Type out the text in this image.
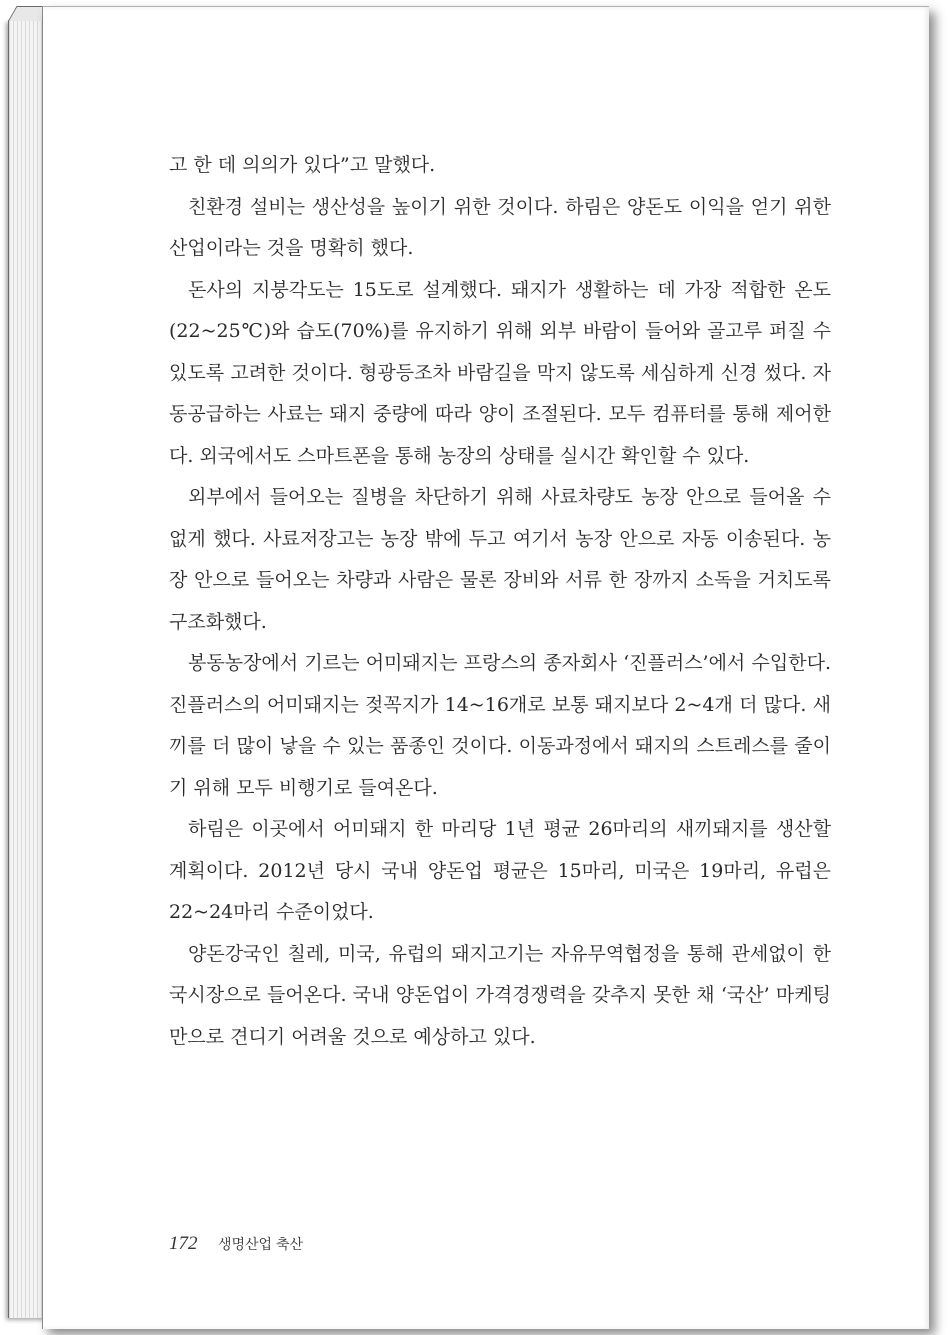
고 한 데 의의가 있다”고 말했다.

친환경 설비는 생산성을 높이기 위한 것이다. 하림은 양돈도 이익을 얻기 위한 산업이라는 것을 명확히 했다.

돈사의 지붕각도는 15도로 설계했다. 돼지가 생활하는 데 가장 적합한 온도(22~25℃)와 습도(70%)를 유지하기 위해 외부 바람이 들어와 골고루 퍼질 수 있도록 고려한 것이다. 형광등조차 바람길을 막지 않도록 세심하게 신경 썼다. 자동공급하는 사료는 돼지 중량에 따라 양이 조절된다. 모두 컴퓨터를 통해 제어한다. 외국에서도 스마트폰을 통해 농장의 상태를 실시간 확인할 수 있다.

외부에서 들어오는 질병을 차단하기 위해 사료차량도 농장 안으로 들어올 수 없게 했다. 사료저장고는 농장 밖에 두고 여기서 농장 안으로 자동 이송된다. 농장 안으로 들어오는 차량과 사람은 물론 장비와 서류 한 장까지 소독을 거치도록 구조화했다.

봉동농장에서 기르는 어미돼지는 프랑스의 종자회사 ‘진플러스’에서 수입한다. 진플러스의 어미돼지는 젖꼭지가 14~16개로 보통 돼지보다 2~4개 더 많다. 새끼를 더 많이 낳을 수 있는 품종인 것이다. 이동과정에서 돼지의 스트레스를 줄이기 위해 모두 비행기로 들여온다.

하림은 이곳에서 어미돼지 한 마리당 1년 평균 26마리의 새끼돼지를 생산할 계획이다. 2012년 당시 국내 양돈업 평균은 15마리, 미국은 19마리, 유럽은 22~24마리 수준이었다.

양돈강국인 칠레, 미국, 유럽의 돼지고기는 자유무역협정을 통해 관세없이 한국시장으로 들어온다. 국내 양돈업이 가격경쟁력을 갖추지 못한 채 ‘국산’ 마케팅만으로 견디기 어려울 것으로 예상하고 있다.

172 생명산업 축산
